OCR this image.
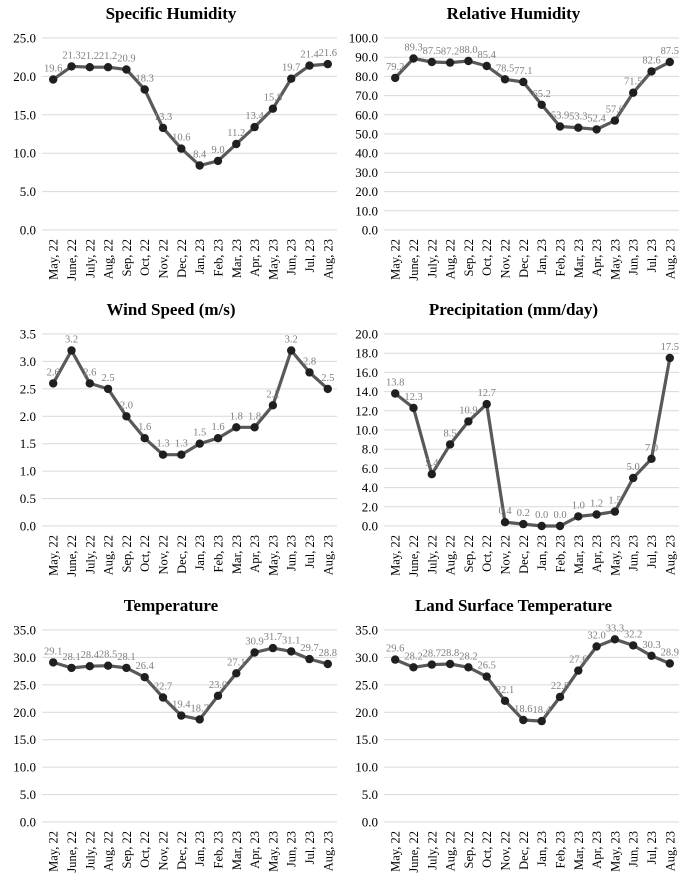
Specific Humidity
0.0
5.0
10.0
15.0
20.0
25.0
19.6
21.3 21.2 21.2 20.9
18.3
13.3
10.6
8.4 9.0
11.2
13.4
15.8
19.7
21.4 21.6
May, 22 June, 22 July, 22 Aug, 22 Sep, 22 Oct, 22 Nov, 22 Dec, 22 Jan, 23 Feb, 23 Mar, 23 Apr, 23 May, 23 Jun, 23 Jul, 23 Aug, 23
Relative Humidity
0.0
10.0
20.0
30.0
40.0
50.0
60.0
70.0
80.0
90.0
100.0
79.2
89.3 87.5 87.2 88.0 85.4
78.5 77.1
65.2
53.9 53.3 52.4
57.0
71.5
82.6
87.5
May, 22 June, 22 July, 22 Aug, 22 Sep, 22 Oct, 22 Nov, 22 Dec, 22 Jan, 23 Feb, 23 Mar, 23 Apr, 23 May, 23 Jun, 23 Jul, 23 Aug, 23
Wind Speed (m/s)
0.0
0.5
1.0
1.5
2.0
2.5
3.0
3.5
2.6
3.2
2.6 2.5
2.0
1.6
1.3 1.3
1.5 1.6
1.8 1.8
2.2
3.2
2.8
2.5
May, 22 June, 22 July, 22 Aug, 22 Sep, 22 Oct, 22 Nov, 22 Dec, 22 Jan, 23 Feb, 23 Mar, 23 Apr, 23 May, 23 Jun, 23 Jul, 23 Aug, 23
Precipitation (mm/day)
0.0
2.0
4.0
6.0
8.0
10.0
12.0
14.0
16.0
18.0
20.0
13.8
12.3
5.4
8.5
10.9
12.7
0.4 0.2 0.0 0.0
1.0 1.2 1.5
5.0
7.0
17.5
May, 22 June, 22 July, 22 Aug, 22 Sep, 22 Oct, 22 Nov, 22 Dec, 22 Jan, 23 Feb, 23 Mar, 23 Apr, 23 May, 23 Jun, 23 Jul, 23 Aug, 23
Temperature
0.0
5.0
10.0
15.0
20.0
25.0
30.0
35.0
29.1 28.1 28.4 28.5 28.1
26.4
22.7
19.4 18.7
23.0
27.1
30.9 31.7 31.1
29.7 28.8
May, 22 June, 22 July, 22 Aug, 22 Sep, 22 Oct, 22 Nov, 22 Dec, 22 Jan, 23 Feb, 23 Mar, 23 Apr, 23 May, 23 Jun, 23 Jul, 23 Aug, 23
Land Surface Temperature
0.0
5.0
10.0
15.0
20.0
25.0
30.0
35.0
29.6
28.2 28.7 28.8 28.2
26.5
22.1
18.6 18.4
22.8
27.6
32.0
33.3
32.2
30.3
28.9
May, 22 June, 22 July, 22 Aug, 22 Sep, 22 Oct, 22 Nov, 22 Dec, 22 Jan, 23 Feb, 23 Mar, 23 Apr, 23 May, 23 Jun, 23 Jul, 23 Aug, 23
